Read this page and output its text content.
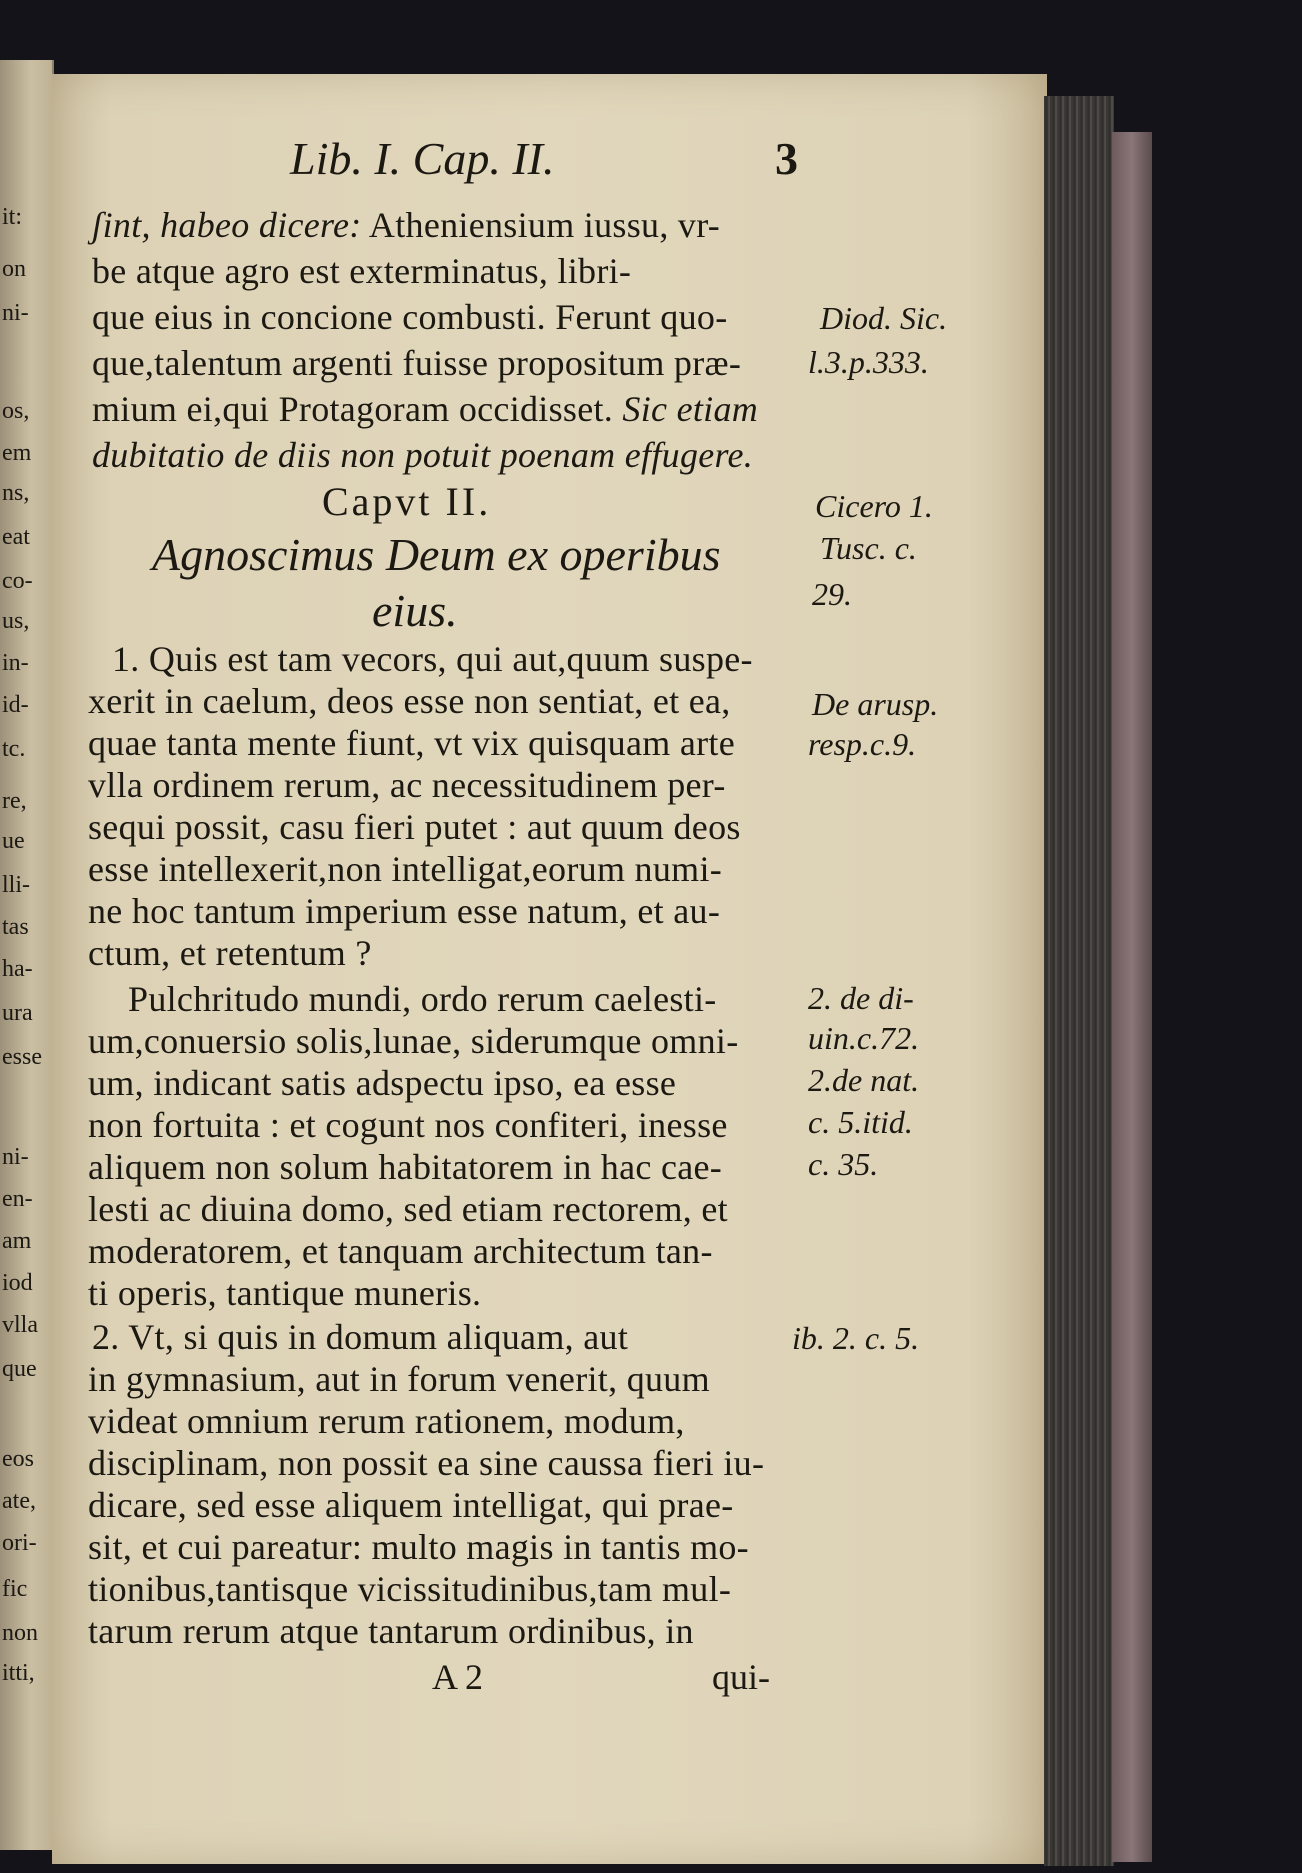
it:
on
ni-
os,
em
ns,
eat
co-
us,
in-
id-
tc.
re,
ue
lli-
tas
ha-
ura
esse
ni-
en-
am
iod
vlla
que
eos
ate,
ori-
fic
non
itti,
Lib. I. Cap. II.	3
ʃint, habeo dicere: Atheniensium iussu, vr-
be atque agro est exterminatus, libri-
que eius in concione combusti. Ferunt quo-
que,talentum argenti fuisse propositum præ-
mium ei,qui Protagoram occidisset. Sic etiam
dubitatio de diis non potuit poenam effugere.
Capvt II.
Agnoscimus Deum ex operibus
eius.
1. Quis est tam vecors, qui aut,quum suspe-
xerit in caelum, deos esse non sentiat, et ea,
quae tanta mente fiunt, vt vix quisquam arte
vlla ordinem rerum, ac necessitudinem per-
sequi possit, casu fieri putet : aut quum deos
esse intellexerit,non intelligat,eorum numi-
ne hoc tantum imperium esse natum, et au-
ctum, et retentum ?
Pulchritudo mundi, ordo rerum caelesti-
um,conuersio solis,lunae, siderumque omni-
um, indicant satis adspectu ipso, ea esse
non fortuita : et cogunt nos confiteri, inesse
aliquem non solum habitatorem in hac cae-
lesti ac diuina domo, sed etiam rectorem, et
moderatorem, et tanquam architectum tan-
ti operis, tantique muneris.
2. Vt, si quis in domum aliquam, aut
in gymnasium, aut in forum venerit, quum
videat omnium rerum rationem, modum,
disciplinam, non possit ea sine caussa fieri iu-
dicare, sed esse aliquem intelligat, qui prae-
sit, et cui pareatur: multo magis in tantis mo-
tionibus,tantisque vicissitudinibus,tam mul-
tarum rerum atque tantarum ordinibus, in
A 2	qui-
Diod. Sic.
l.3.p.333.
Cicero 1.
Tusc. c.
29.
De arusp.
resp.c.9.
2. de di-
uin.c.72.
2.de nat.
c. 5.itid.
c. 35.
ib. 2. c. 5.
